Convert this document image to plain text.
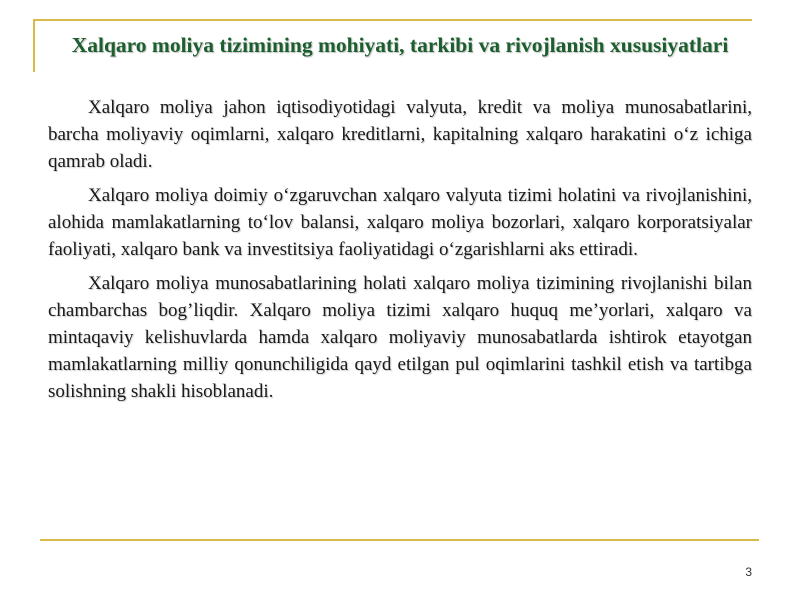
Xalqaro moliya tizimining mohiyati, tarkibi va rivojlanish xususiyatlari

Xalqaro moliya jahon iqtisodiyotidagi valyuta, kredit va moliya munosabatlarini, barcha moliyaviy oqimlarni, xalqaro kreditlarni, kapitalning xalqaro harakatini o‘z ichiga qamrab oladi.

Xalqaro moliya doimiy o‘zgaruvchan xalqaro valyuta tizimi holatini va rivojlanishini, alohida mamlakatlarning to‘lov balansi, xalqaro moliya bozorlari, xalqaro korporatsiyalar faoliyati, xalqaro bank va investitsiya faoliyatidagi o‘zgarishlarni aks ettiradi.

Xalqaro moliya munosabatlarining holati xalqaro moliya tizimining rivojlanishi bilan chambarchas bog’liqdir. Xalqaro moliya tizimi xalqaro huquq me’yorlari, xalqaro va mintaqaviy kelishuvlarda hamda xalqaro moliyaviy munosabatlarda ishtirok etayotgan mamlakatlarning milliy qonunchiligida qayd etilgan pul oqimlarini tashkil etish va tartibga solishning shakli hisoblanadi.

3
